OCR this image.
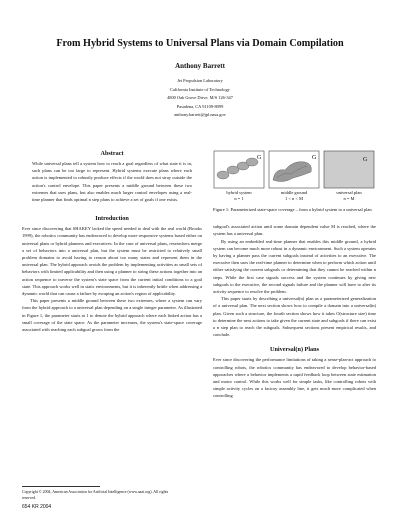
From Hybrid Systems to Universal Plans via Domain Compilation
Anthony Barrett
Jet Propulsion Laboratory
California Institute of Technology
4800 Oak Grove Drive, M/S 126-347
Pasadena, CA 91109-8099
anthony.barrett@jpl.nasa.gov
Abstract

While universal plans tell a system how to reach a goal regardless of what state it is in, such plans can be too large to represent. Hybrid systems execute plans where each action is implemented to robustly produce effects if the world does not stray outside the action's control envelope. This paper presents a middle ground between these two extremes that uses plans, but also enables much larger control envelopes using a real-time planner that finds optimal n step plans to achieve a set of goals if one exists.

Introduction

Ever since discovering that SHAKEY lacked the speed needed to deal with the real world (Brooks 1999), the robotics community has endeavored to develop more responsive systems based either on universal plans or hybrid planners and executives. In the case of universal plans, researchers merge a set of behaviors into a universal plan, but the system must be restricted to relatively small problem domains to avoid having to reason about too many states and represent them in the universal plan. The hybrid approach avoids the problem by implementing activities as small sets of behaviors with limited applicability and then using a planner to string these actions together into an action sequence to traverse the system's state space from the current initial conditions to a goal state. This approach works well in static environments, but it is inherently brittle when addressing a dynamic world that can cause a failure by escaping an action's region of applicability.

This paper presents a middle ground between these two extremes, where a system can vary from the hybrid approach to a universal plan depending on a single integer parameter. As illustrated in Figure 1, the parameter starts at 1 to denote the hybrid approach where each linked action has a small coverage of the state space. As the parameter increases, the system's state-space coverage associated with reaching each subgoal grows from the

G	G	G
hybrid system
n = 1
middle ground
1 < n < M
universal plan
n = M

Figure 1: Parameterized state-space coverage – from a hybrid system to a universal plan

subgoal's associated action until some domain dependent value M is reached, where the system has a universal plan.

By using an embedded real-time planner that enables this middle ground, a hybrid system can become much more robust in a dynamic environment. Such a system operates by having a planner pass the current subgoals instead of activities to an executive. The executive then uses the real-time planner to determine when to perform which action until either satisfying the current subgoals or determining that they cannot be reached within n steps. While the first case signals success and the system continues by giving new subgoals to the executive, the second signals failure and the planner will have to alter its activity sequence to resolve the problem.

This paper starts by describing a universal(n) plan as a parameterized generalization of a universal plan. The next section shows how to compile a domain into a universal(n) plan. Given such a structure, the fourth section shows how it takes O(structure size) time to determine the next actions to take given the current state and subgoals if there can exist a n step plan to reach the subgoals. Subsequent sections present empirical results, and conclude.

Universal(n) Plans

Ever since discovering the performance limitations of taking a sense-plan-act approach to controlling robots, the robotics community has endeavored to develop behavior-based approaches where a behavior implements a rapid feedback loop between state estimation and motor control. While this works well for simple tasks, like controlling robots with simple activity cycles on a factory assembly line, it gets much more complicated when controlling

Copyright © 2004, American Association for Artificial Intelligence (www.aaai.org). All rights reserved.
654 KR 2004
